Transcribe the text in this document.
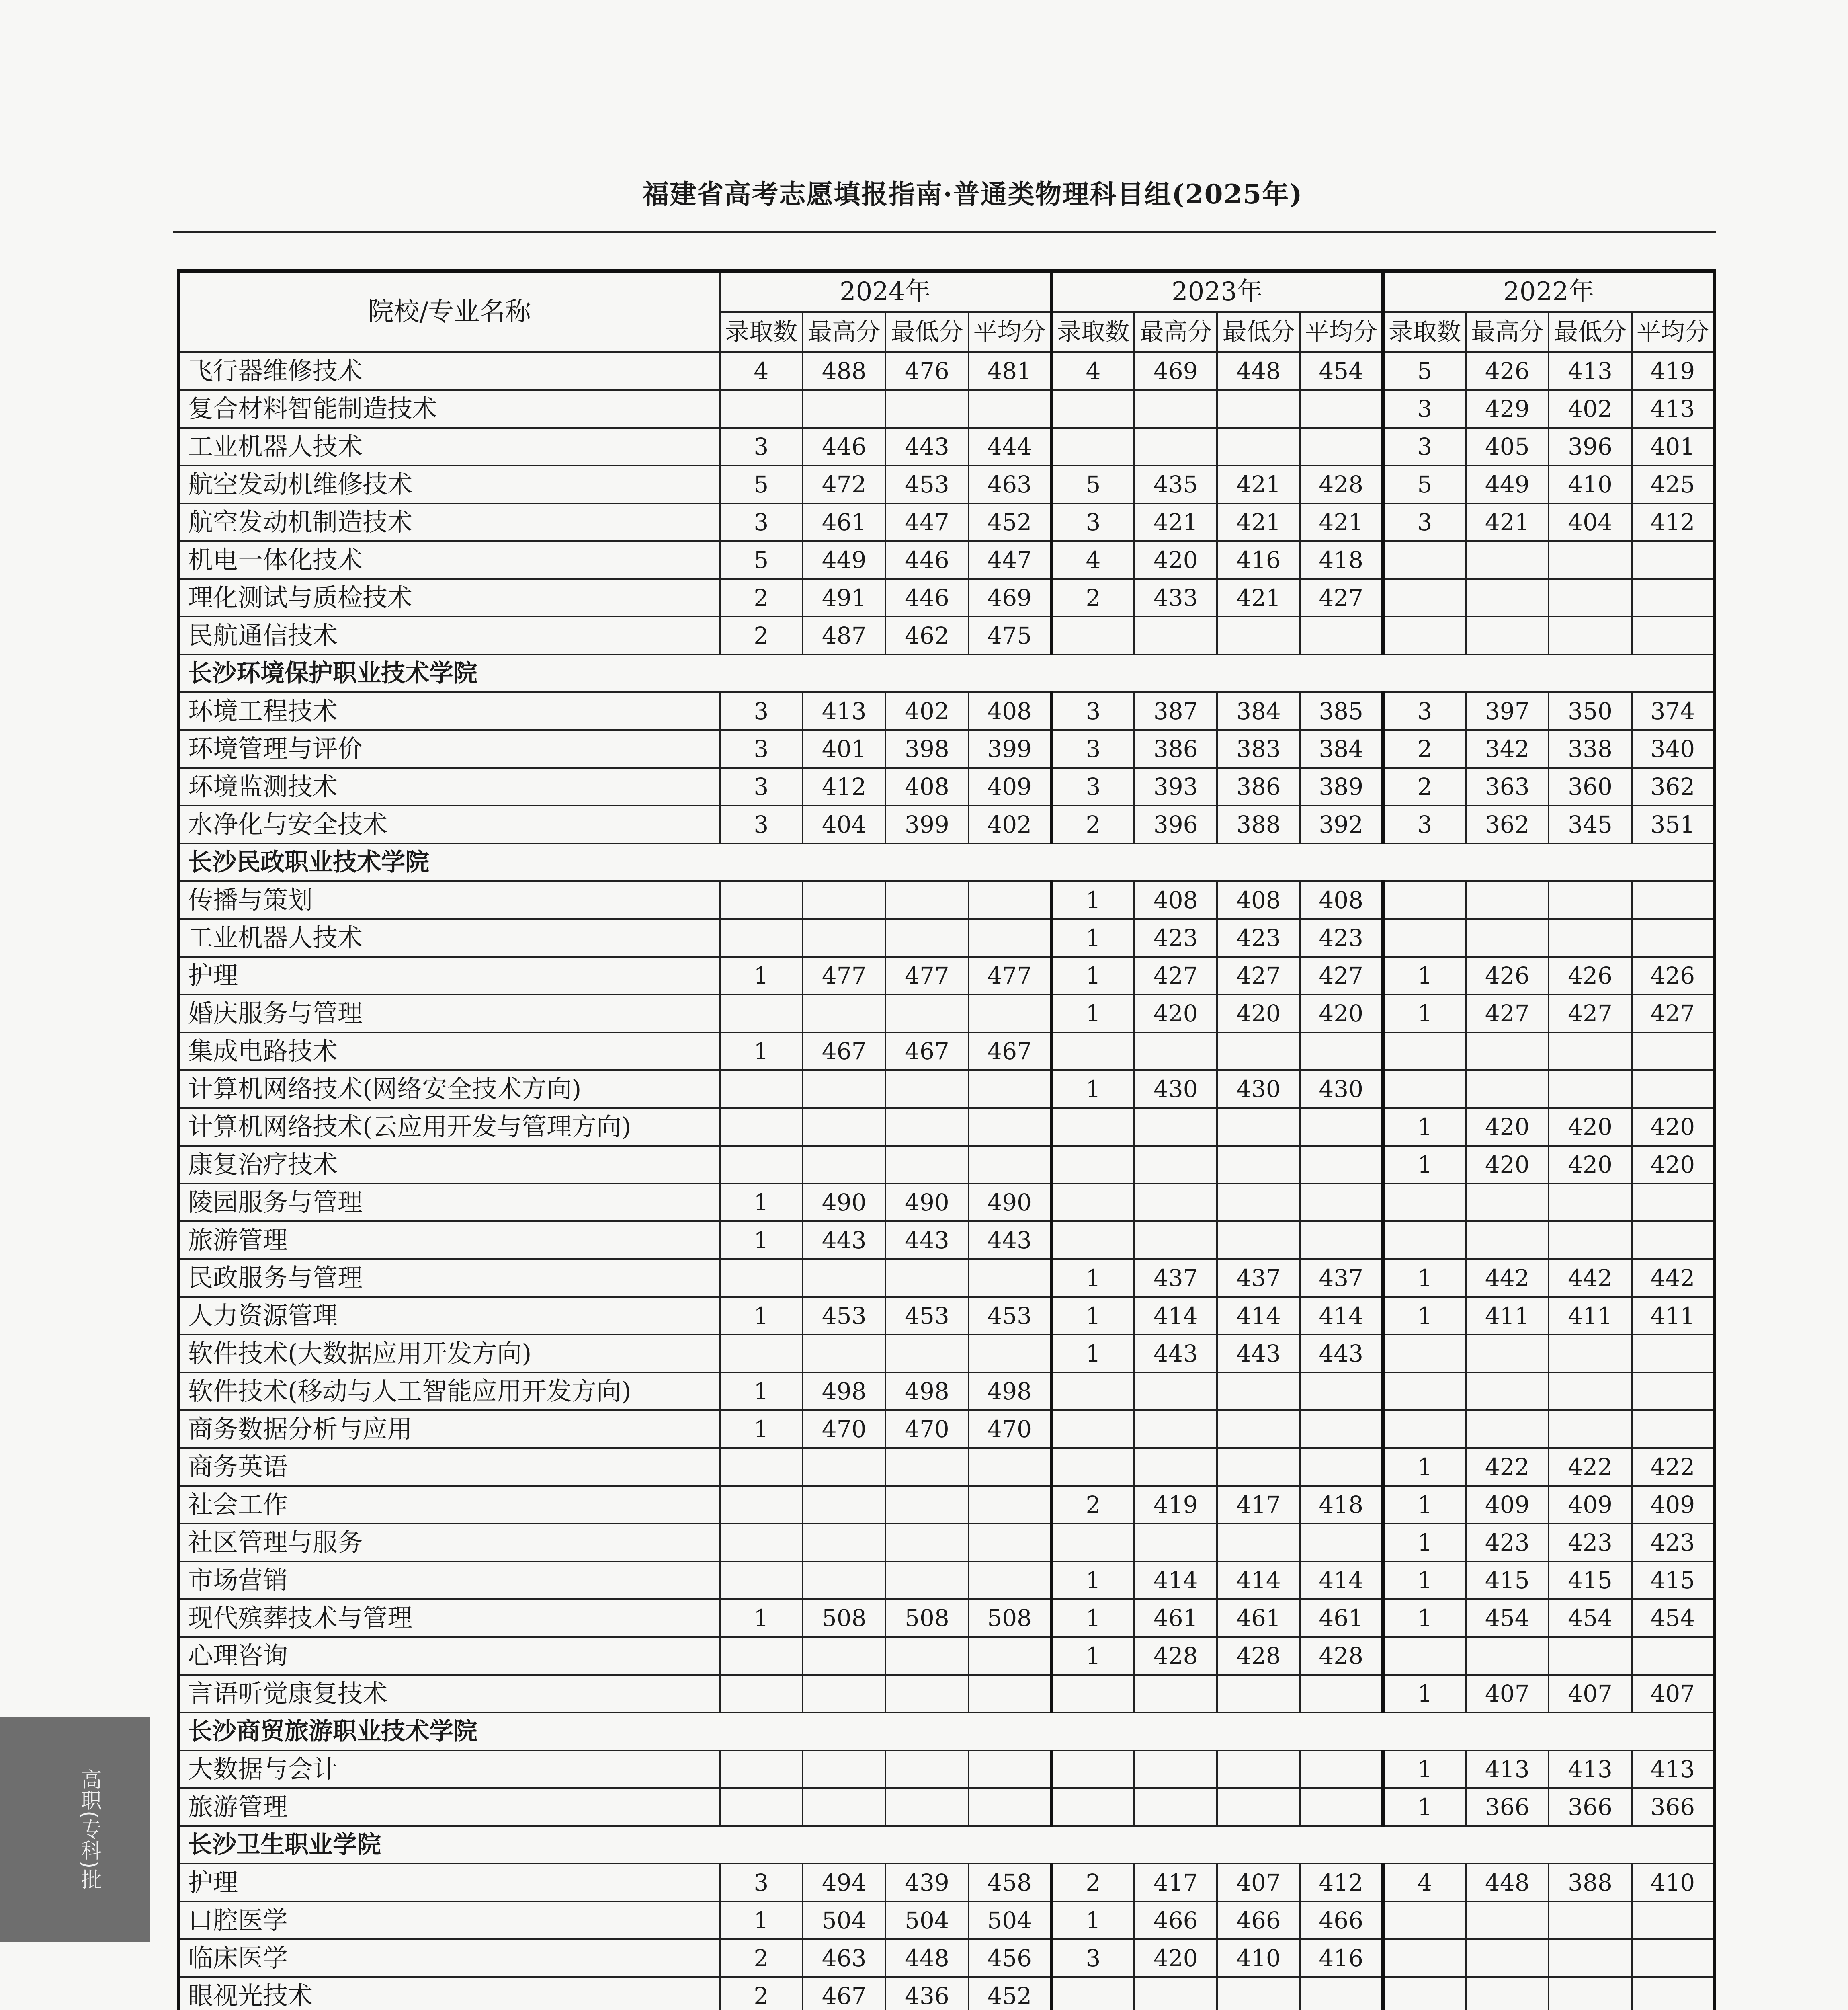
福建省高考志愿填报指南·普通类物理科目组(2025年)
院校/专业名称	2024年				2023年				2022年			
	录取数	最高分	最低分	平均分	录取数	最高分	最低分	平均分	录取数	最高分	最低分	平均分
飞行器维修技术	4	488	476	481	4	469	448	454	5	426	413	419
复合材料智能制造技术									3	429	402	413
工业机器人技术	3	446	443	444					3	405	396	401
航空发动机维修技术	5	472	453	463	5	435	421	428	5	449	410	425
航空发动机制造技术	3	461	447	452	3	421	421	421	3	421	404	412
机电一体化技术	5	449	446	447	4	420	416	418				
理化测试与质检技术	2	491	446	469	2	433	421	427				
民航通信技术	2	487	462	475								
长沙环境保护职业技术学院												
环境工程技术	3	413	402	408	3	387	384	385	3	397	350	374
环境管理与评价	3	401	398	399	3	386	383	384	2	342	338	340
环境监测技术	3	412	408	409	3	393	386	389	2	363	360	362
水净化与安全技术	3	404	399	402	2	396	388	392	3	362	345	351
长沙民政职业技术学院												
传播与策划					1	408	408	408				
工业机器人技术					1	423	423	423				
护理	1	477	477	477	1	427	427	427	1	426	426	426
婚庆服务与管理					1	420	420	420	1	427	427	427
集成电路技术	1	467	467	467								
计算机网络技术(网络安全技术方向)					1	430	430	430				
计算机网络技术(云应用开发与管理方向)									1	420	420	420
康复治疗技术									1	420	420	420
陵园服务与管理	1	490	490	490								
旅游管理	1	443	443	443								
民政服务与管理					1	437	437	437	1	442	442	442
人力资源管理	1	453	453	453	1	414	414	414	1	411	411	411
软件技术(大数据应用开发方向)					1	443	443	443				
软件技术(移动与人工智能应用开发方向)	1	498	498	498								
商务数据分析与应用	1	470	470	470								
商务英语									1	422	422	422
社会工作					2	419	417	418	1	409	409	409
社区管理与服务									1	423	423	423
市场营销					1	414	414	414	1	415	415	415
现代殡葬技术与管理	1	508	508	508	1	461	461	461	1	454	454	454
心理咨询					1	428	428	428				
言语听觉康复技术									1	407	407	407
长沙商贸旅游职业技术学院												
大数据与会计									1	413	413	413
旅游管理									1	366	366	366
长沙卫生职业学院												
护理	3	494	439	458	2	417	407	412	4	448	388	410
口腔医学	1	504	504	504	1	466	466	466				
临床医学	2	463	448	456	3	420	410	416				
眼视光技术	2	467	436	452								

高职(专科)批
